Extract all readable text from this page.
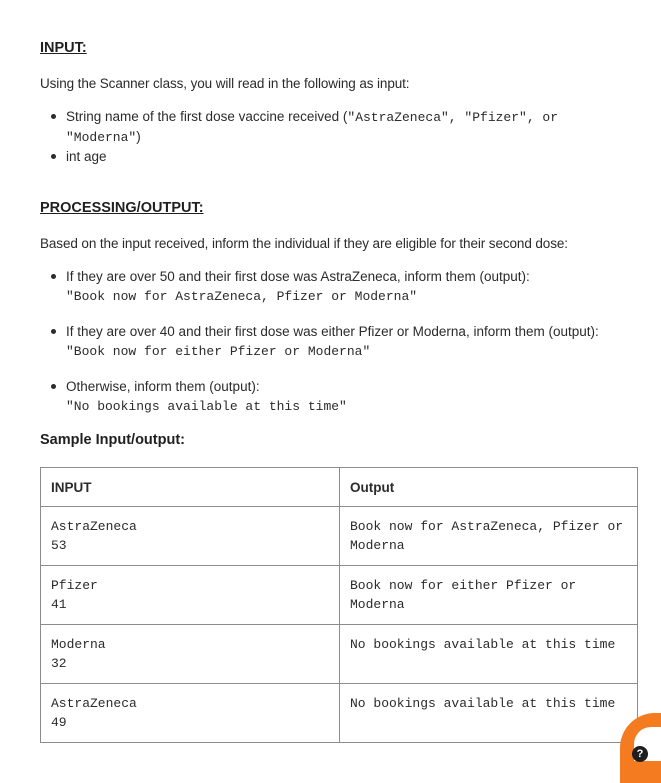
INPUT:

Using the Scanner class, you will read in the following as input:

String name of the first dose vaccine received ("AstraZeneca", "Pfizer", or "Moderna")
int age
PROCESSING/OUTPUT:

Based on the input received, inform the individual if they are eligible for their second dose:

If they are over 50 and their first dose was AstraZeneca, inform them (output):
"Book now for AstraZeneca, Pfizer or Moderna"
If they are over 40 and their first dose was either Pfizer or Moderna, inform them (output):
"Book now for either Pfizer or Moderna"
Otherwise, inform them (output):
"No bookings available at this time"
Sample Input/output:
INPUT	Output

AstraZeneca
53	Book now for AstraZeneca, Pfizer or Moderna

Pfizer
41	Book now for either Pfizer or Moderna

Moderna
32	No bookings available at this time

AstraZeneca
49	No bookings available at this time
?
